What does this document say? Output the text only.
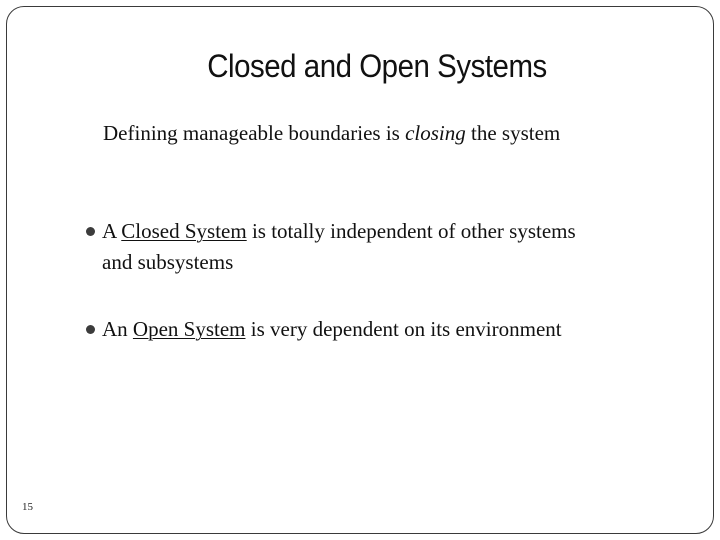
Closed and Open Systems
Defining manageable boundaries is closing the system
A Closed System is totally independent of other systems
and subsystems
An Open System is very dependent on its environment
15
